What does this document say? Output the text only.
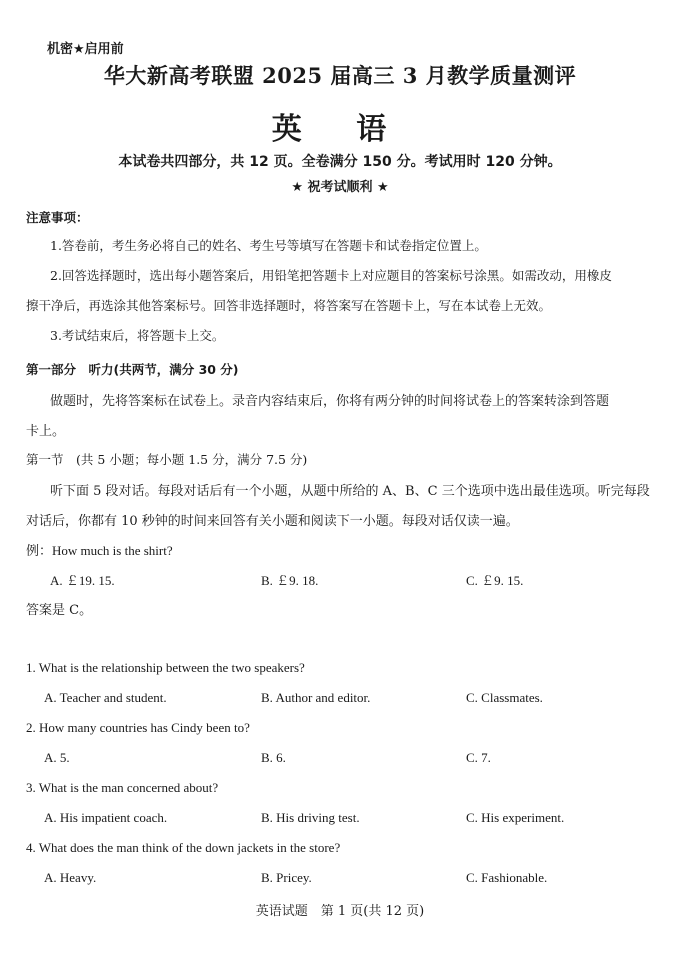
机密★启用前
华大新高考联盟 2025 届高三 3 月教学质量测评
英 语
本试卷共四部分，共 12 页。全卷满分 150 分。考试用时 120 分钟。
★ 祝考试顺利 ★
注意事项：
1.答卷前，考生务必将自己的姓名、考生号等填写在答题卡和试卷指定位置上。
2.回答选择题时，选出每小题答案后，用铅笔把答题卡上对应题目的答案标号涂黑。如需改动，用橡皮
擦干净后，再选涂其他答案标号。回答非选择题时，将答案写在答题卡上，写在本试卷上无效。
3.考试结束后，将答题卡上交。
第一部分　听力(共两节，满分 30 分)
做题时，先将答案标在试卷上。录音内容结束后，你将有两分钟的时间将试卷上的答案转涂到答题
卡上。
第一节　(共 5 小题；每小题 1.5 分，满分 7.5 分)
听下面 5 段对话。每段对话后有一个小题，从题中所给的 A、B、C 三个选项中选出最佳选项。听完每段
对话后，你都有 10 秒钟的时间来回答有关小题和阅读下一小题。每段对话仅读一遍。
例：How much is the shirt?
A. ￡19. 15.	B. ￡9. 18.	C. ￡9. 15.
答案是 C。
1. What is the relationship between the two speakers?
A. Teacher and student.	B. Author and editor.	C. Classmates.
2. How many countries has Cindy been to?
A. 5.	B. 6.	C. 7.
3. What is the man concerned about?
A. His impatient coach.	B. His driving test.	C. His experiment.
4. What does the man think of the down jackets in the store?
A. Heavy.	B. Pricey.	C. Fashionable.
英语试题　第 1 页(共 12 页)
